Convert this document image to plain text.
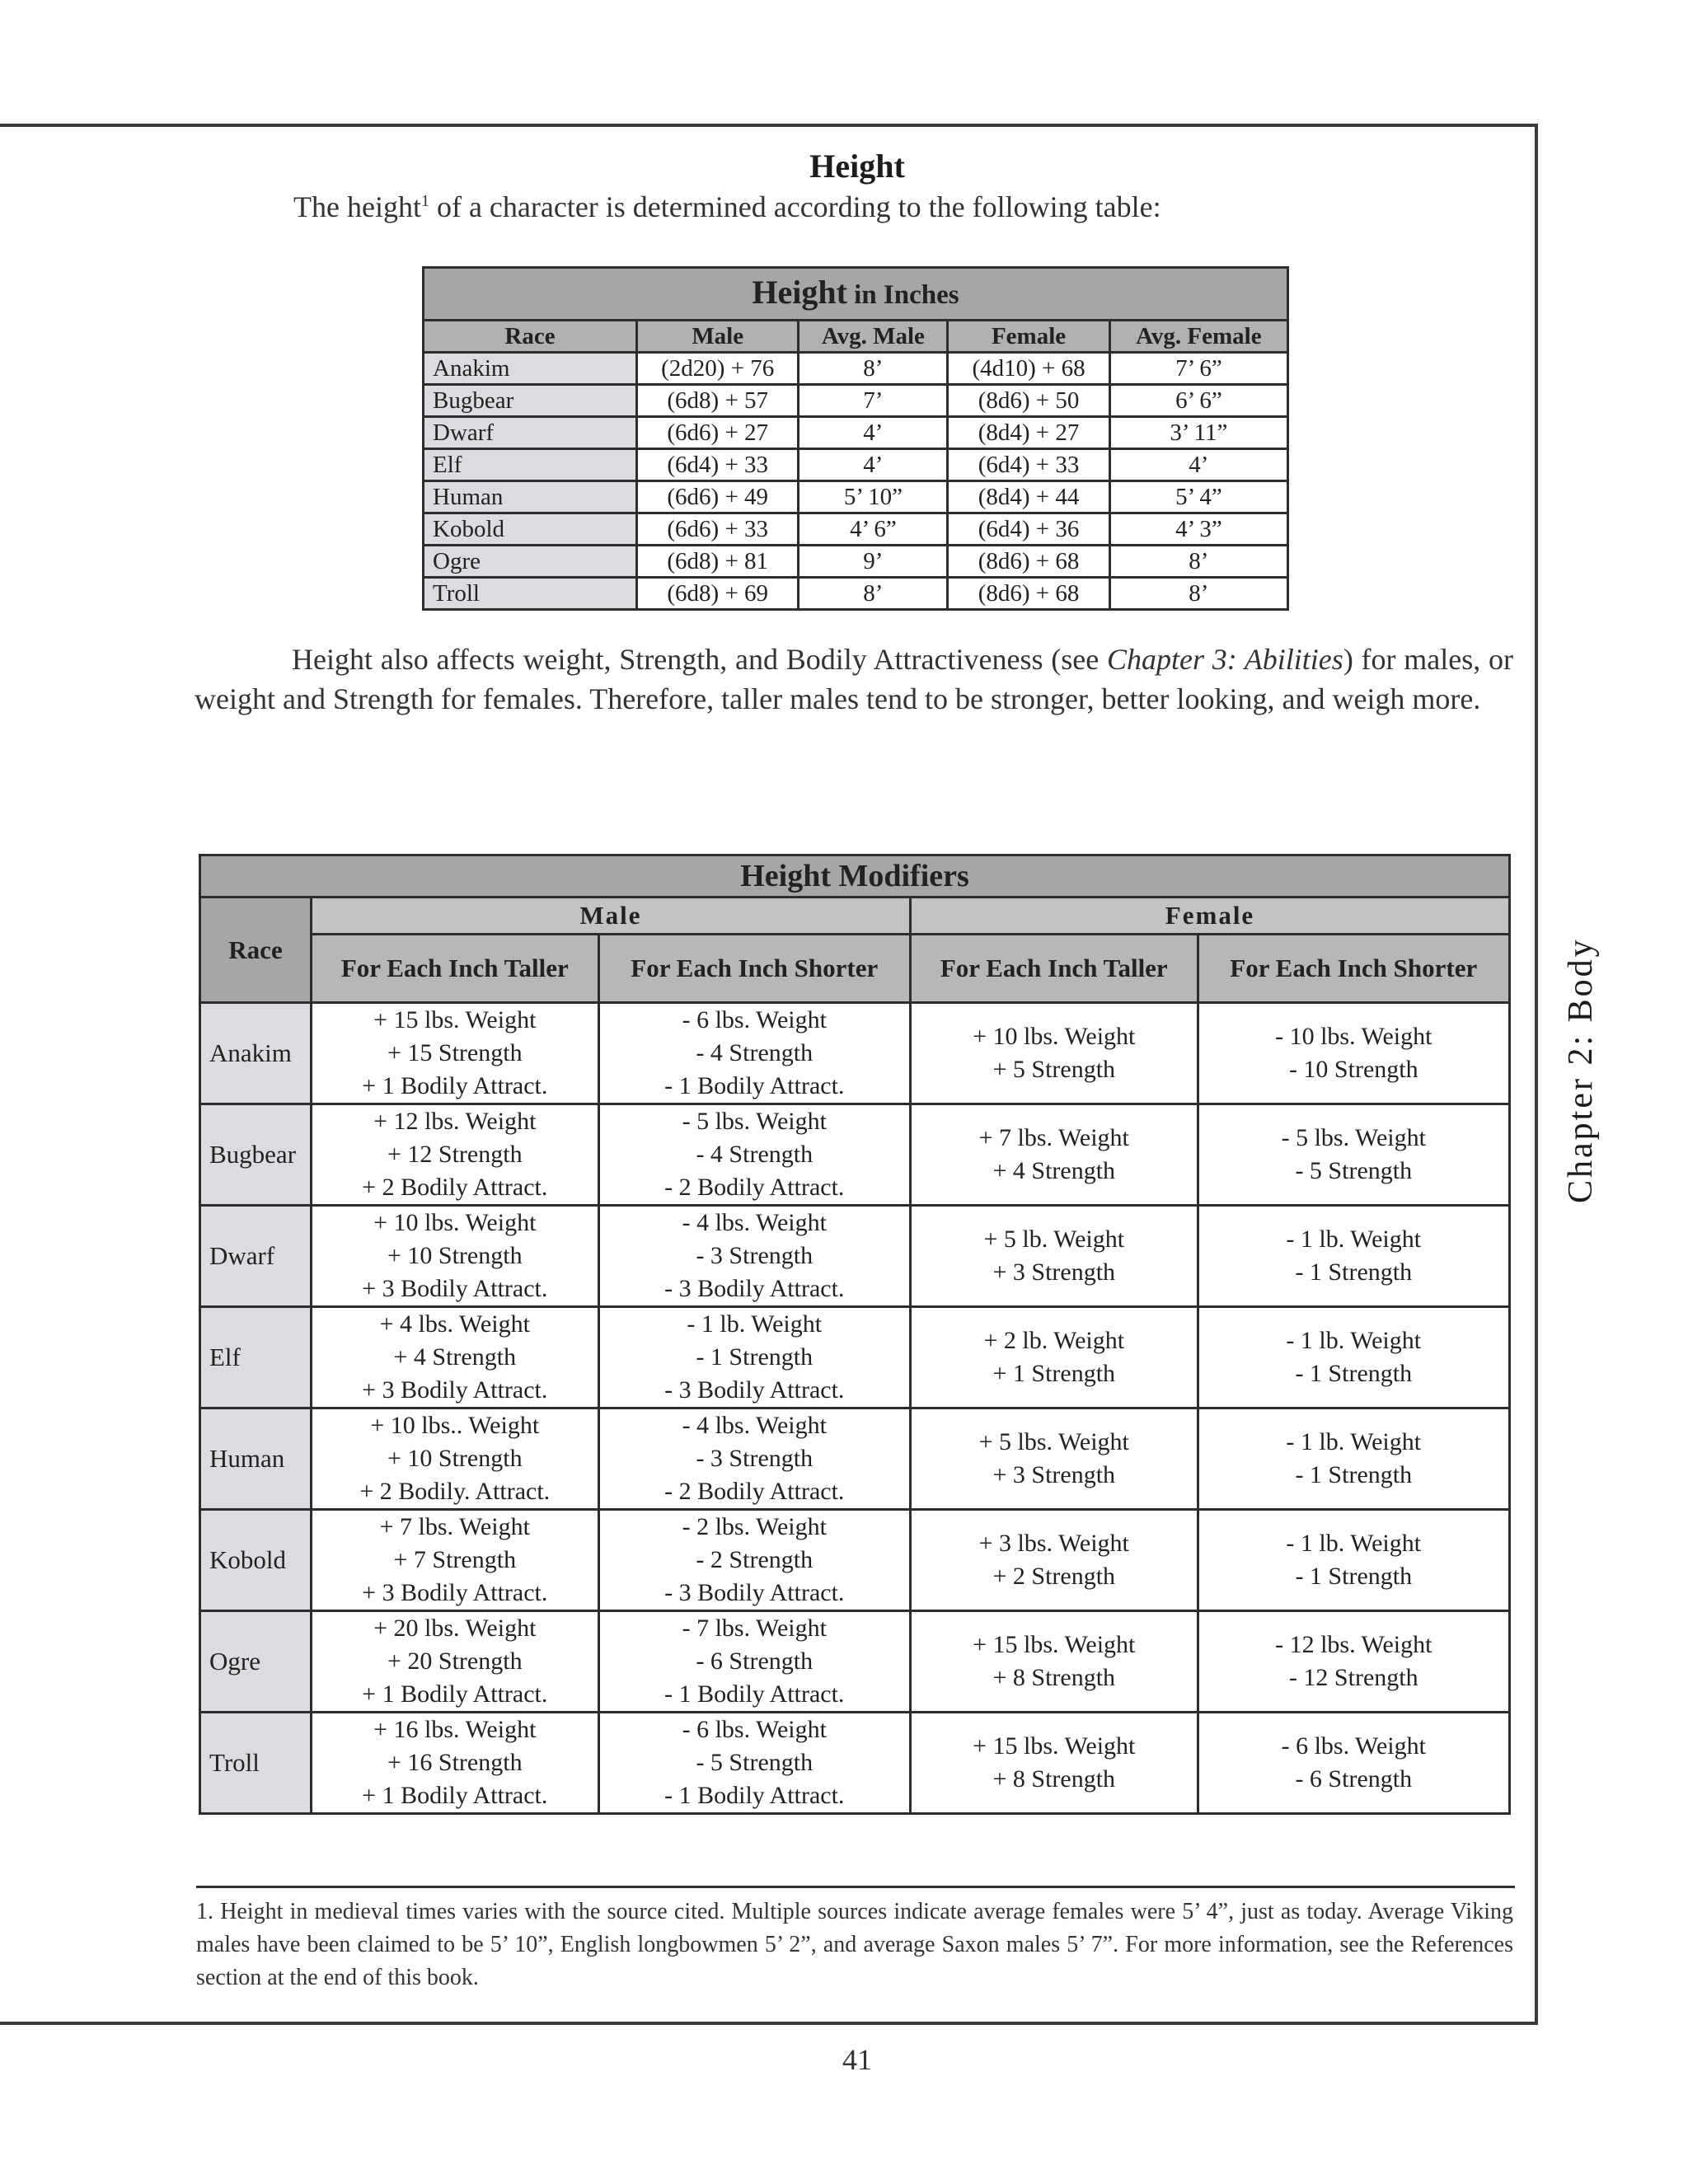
Chapter 2: Body
Height
The height$^1$ of a character is determined according to the following table:
Height in Inches				
Race	Male	Avg. Male	Female	Avg. Female
Anakim	(2d20) + 76	8’	(4d10) + 68	7’ 6”
Bugbear	(6d8) + 57	7’	(8d6) + 50	6’ 6”
Dwarf	(6d6) + 27	4’	(8d4) + 27	3’ 11”
Elf	(6d4) + 33	4’	(6d4) + 33	4’
Human	(6d6) + 49	5’ 10”	(8d4) + 44	5’ 4”
Kobold	(6d6) + 33	4’ 6”	(6d4) + 36	4’ 3”
Ogre	(6d8) + 81	9’	(8d6) + 68	8’
Troll	(6d8) + 69	8’	(8d6) + 68	8’
Height also affects weight, Strength, and Bodily Attractiveness (see Chapter 3: Abilities) for males, or weight and Strength for females. Therefore, taller males tend to be stronger, better looking, and weigh more.
Height Modifiers				
Race	Male		Female	
	For Each Inch Taller	For Each Inch Shorter	For Each Inch Taller	For Each Inch Shorter
Anakim	+ 15 lbs. Weight
+ 15 Strength
+ 1 Bodily Attract.	- 6 lbs. Weight
- 4 Strength
- 1 Bodily Attract.	+ 10 lbs. Weight
+ 5 Strength	- 10 lbs. Weight
- 10 Strength

Bugbear	+ 12 lbs. Weight
+ 12 Strength
+ 2 Bodily Attract.	- 5 lbs. Weight
- 4 Strength
- 2 Bodily Attract.	+ 7 lbs. Weight
+ 4 Strength	- 5 lbs. Weight
- 5 Strength

Dwarf	+ 10 lbs. Weight
+ 10 Strength
+ 3 Bodily Attract.	- 4 lbs. Weight
- 3 Strength
- 3 Bodily Attract.	+ 5 lb. Weight
+ 3 Strength	- 1 lb. Weight
- 1 Strength

Elf	+ 4 lbs. Weight
+ 4 Strength
+ 3 Bodily Attract.	- 1 lb. Weight
- 1 Strength
- 3 Bodily Attract.	+ 2 lb. Weight
+ 1 Strength	- 1 lb. Weight
- 1 Strength

Human	+ 10 lbs.. Weight
+ 10 Strength
+ 2 Bodily. Attract.	- 4 lbs. Weight
- 3 Strength
- 2 Bodily Attract.	+ 5 lbs. Weight
+ 3 Strength	- 1 lb. Weight
- 1 Strength

Kobold	+ 7 lbs. Weight
+ 7 Strength
+ 3 Bodily Attract.	- 2 lbs. Weight
- 2 Strength
- 3 Bodily Attract.	+ 3 lbs. Weight
+ 2 Strength	- 1 lb. Weight
- 1 Strength

Ogre	+ 20 lbs. Weight
+ 20 Strength
+ 1 Bodily Attract.	- 7 lbs. Weight
- 6 Strength
- 1 Bodily Attract.	+ 15 lbs. Weight
+ 8 Strength	- 12 lbs. Weight
- 12 Strength

Troll	+ 16 lbs. Weight
+ 16 Strength
+ 1 Bodily Attract.	- 6 lbs. Weight
- 5 Strength
- 1 Bodily Attract.	+ 15 lbs. Weight
+ 8 Strength	- 6 lbs. Weight
- 6 Strength
1. Height in medieval times varies with the source cited. Multiple sources indicate average females were 5’ 4”, just as today. Average Viking males have been claimed to be 5’ 10”, English longbowmen 5’ 2”, and average Saxon males 5’ 7”. For more information, see the References section at the end of this book.
41
